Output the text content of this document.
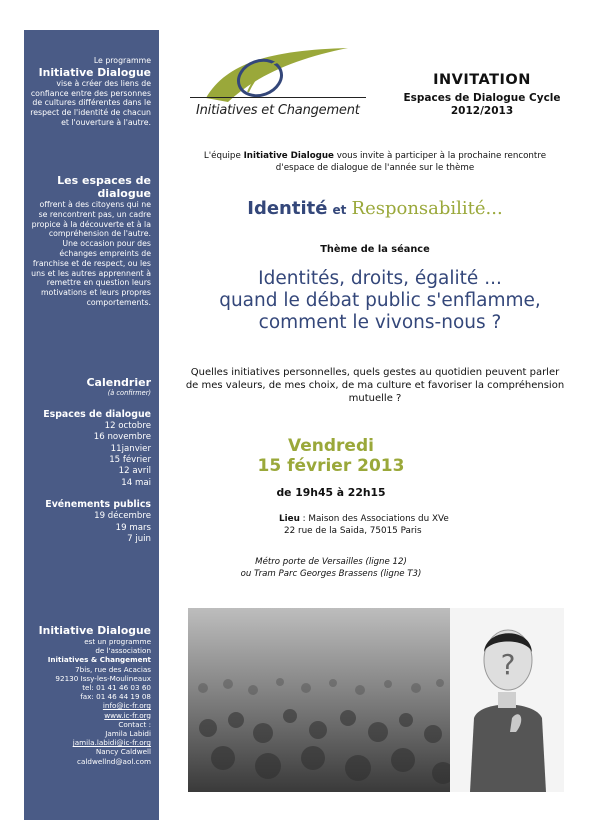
Le programme
Initiative Dialogue
vise à créer des liens de confiance entre des personnes de cultures différentes dans le respect de l'identité de chacun et l'ouverture à l'autre.
Les espaces de dialogue
offrent à des citoyens qui ne se rencontrent pas, un cadre propice à la découverte et à la compréhension de l'autre.
Une occasion pour des échanges empreints de franchise et de respect, ou les
uns et les autres apprennent à remettre en question leurs motivations et leurs propres comportements.
Calendrier
(à confirmer)
Espaces de dialogue
12 octobre
16 novembre
11janvier
15 février
12 avril
14 mai
Evénements publics
19 décembre
19 mars
7 juin
Initiative Dialogue
est un programme
de l'association
Initiatives & Changement
7bis, rue des Acacias
92130 Issy-les-Moulineaux
tel: 01 41 46 03 60
fax: 01 46 44 19 08
info@ic-fr.org
www.ic-fr.org
Contact :
Jamila Labidi
jamila.labidi@ic-fr.org
Nancy Caldwell
caldwellnd@aol.com
Initiatives et Changement
INVITATION
Espaces de Dialogue Cycle
2012/2013
L'équipe Initiative Dialogue vous invite à participer à la prochaine rencontre
d'espace de dialogue de l'année sur le thème
Identité et Responsabilité...
Thème de la séance
Identités, droits, égalité ...
quand le débat public s'enflamme,
comment le vivons-nous ?
Quelles initiatives personnelles, quels gestes au quotidien peuvent parler
de mes valeurs, de mes choix, de ma culture et favoriser la compréhension
mutuelle ?
Vendredi
15 février 2013
de 19h45 à 22h15
Lieu : Maison des Associations du XVe
22 rue de la Saida, 75015 Paris
Métro porte de Versailles (ligne 12)
ou Tram Parc Georges Brassens (ligne T3)
?
